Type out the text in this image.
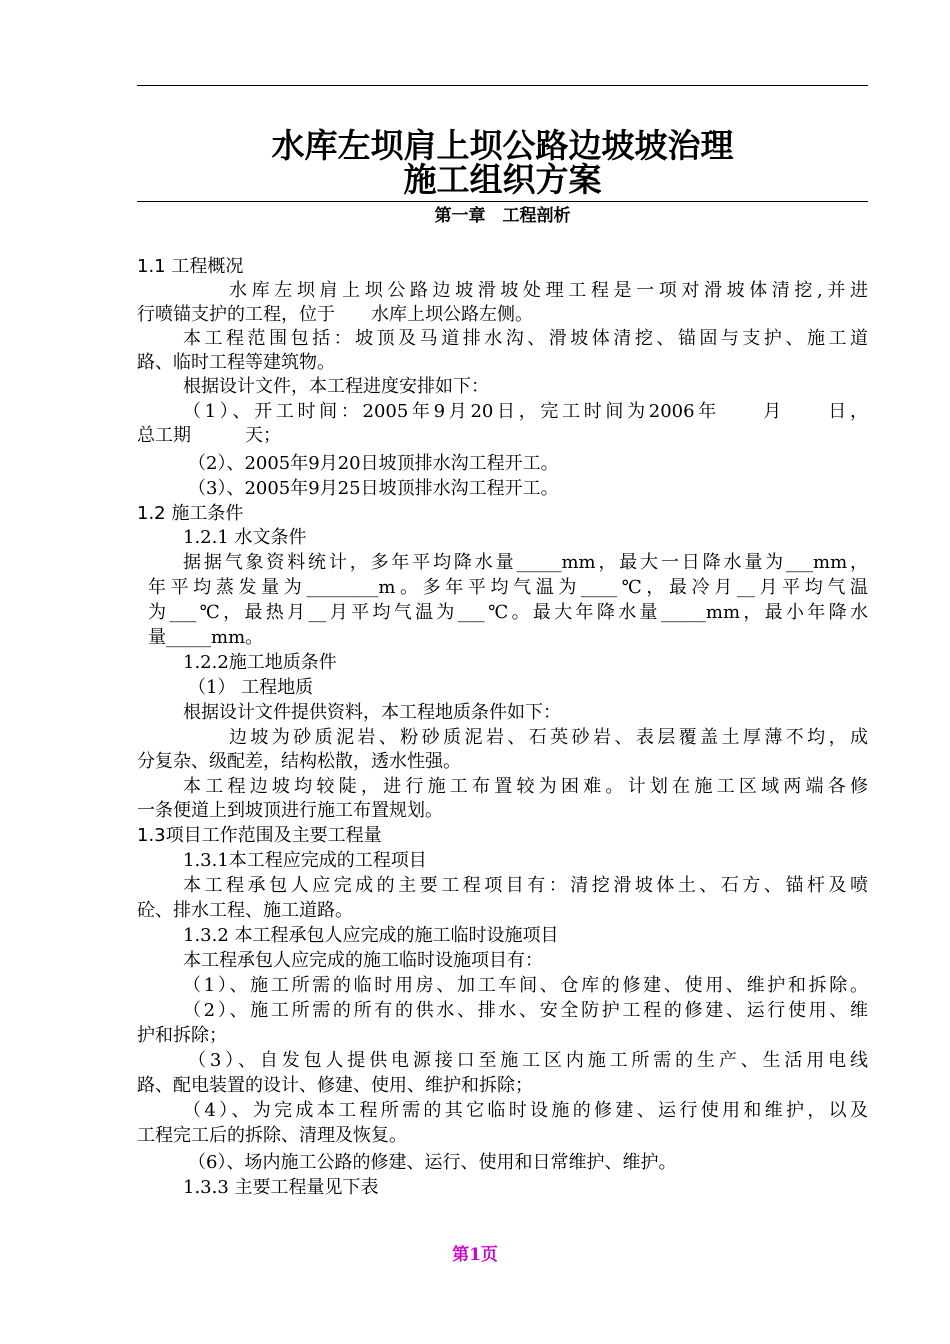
水库左坝肩上坝公路边坡坡治理
施工组织方案
第一章　工程剖析
1.1 工程概况
水库左坝肩上坝公路边坡滑坡处理工程是一项对滑坡体清挖,并进
行喷锚支护的工程，位于　　水库上坝公路左侧。
本工程范围包括：坡顶及马道排水沟、滑坡体清挖、锚固与支护、施工道
路、临时工程等建筑物。
根据设计文件，本工程进度安排如下：
（1）、开工时间：2005年9月20日，完工时间为2006年　　月　　日，
总工期　　　天；
（2）、2005年9月20日坡顶排水沟工程开工。
（3）、2005年9月25日坡顶排水沟工程开工。
1.2 施工条件
1.2.1 水文条件
据据气象资料统计，多年平均降水量_____mm，最大一日降水量为___mm，
年平均蒸发量为________m。多年平均气温为____℃，最冷月__月平均气温
为___℃，最热月__月平均气温为___℃。最大年降水量_____mm，最小年降水
量_____mm。
1.2.2施工地质条件
（1） 工程地质
根据设计文件提供资料，本工程地质条件如下：
边坡为砂质泥岩、粉砂质泥岩、石英砂岩、表层覆盖土厚薄不均，成
分复杂、级配差，结构松散，透水性强。
本工程边坡均较陡，进行施工布置较为困难。计划在施工区域两端各修
一条便道上到坡顶进行施工布置规划。
1.3项目工作范围及主要工程量
1.3.1本工程应完成的工程项目
本工程承包人应完成的主要工程项目有：清挖滑坡体土、石方、锚杆及喷
砼、排水工程、施工道路。
1.3.2 本工程承包人应完成的施工临时设施项目
本工程承包人应完成的施工临时设施项目有：
（1）、施工所需的临时用房、加工车间、仓库的修建、使用、维护和拆除。
（2）、施工所需的所有的供水、排水、安全防护工程的修建、运行使用、维
护和拆除；
（3）、自发包人提供电源接口至施工区内施工所需的生产、生活用电线
路、配电装置的设计、修建、使用、维护和拆除；
（4）、为完成本工程所需的其它临时设施的修建、运行使用和维护，以及
工程完工后的拆除、清理及恢复。
（6）、场内施工公路的修建、运行、使用和日常维护、维护。
1.3.3 主要工程量见下表
第1页
